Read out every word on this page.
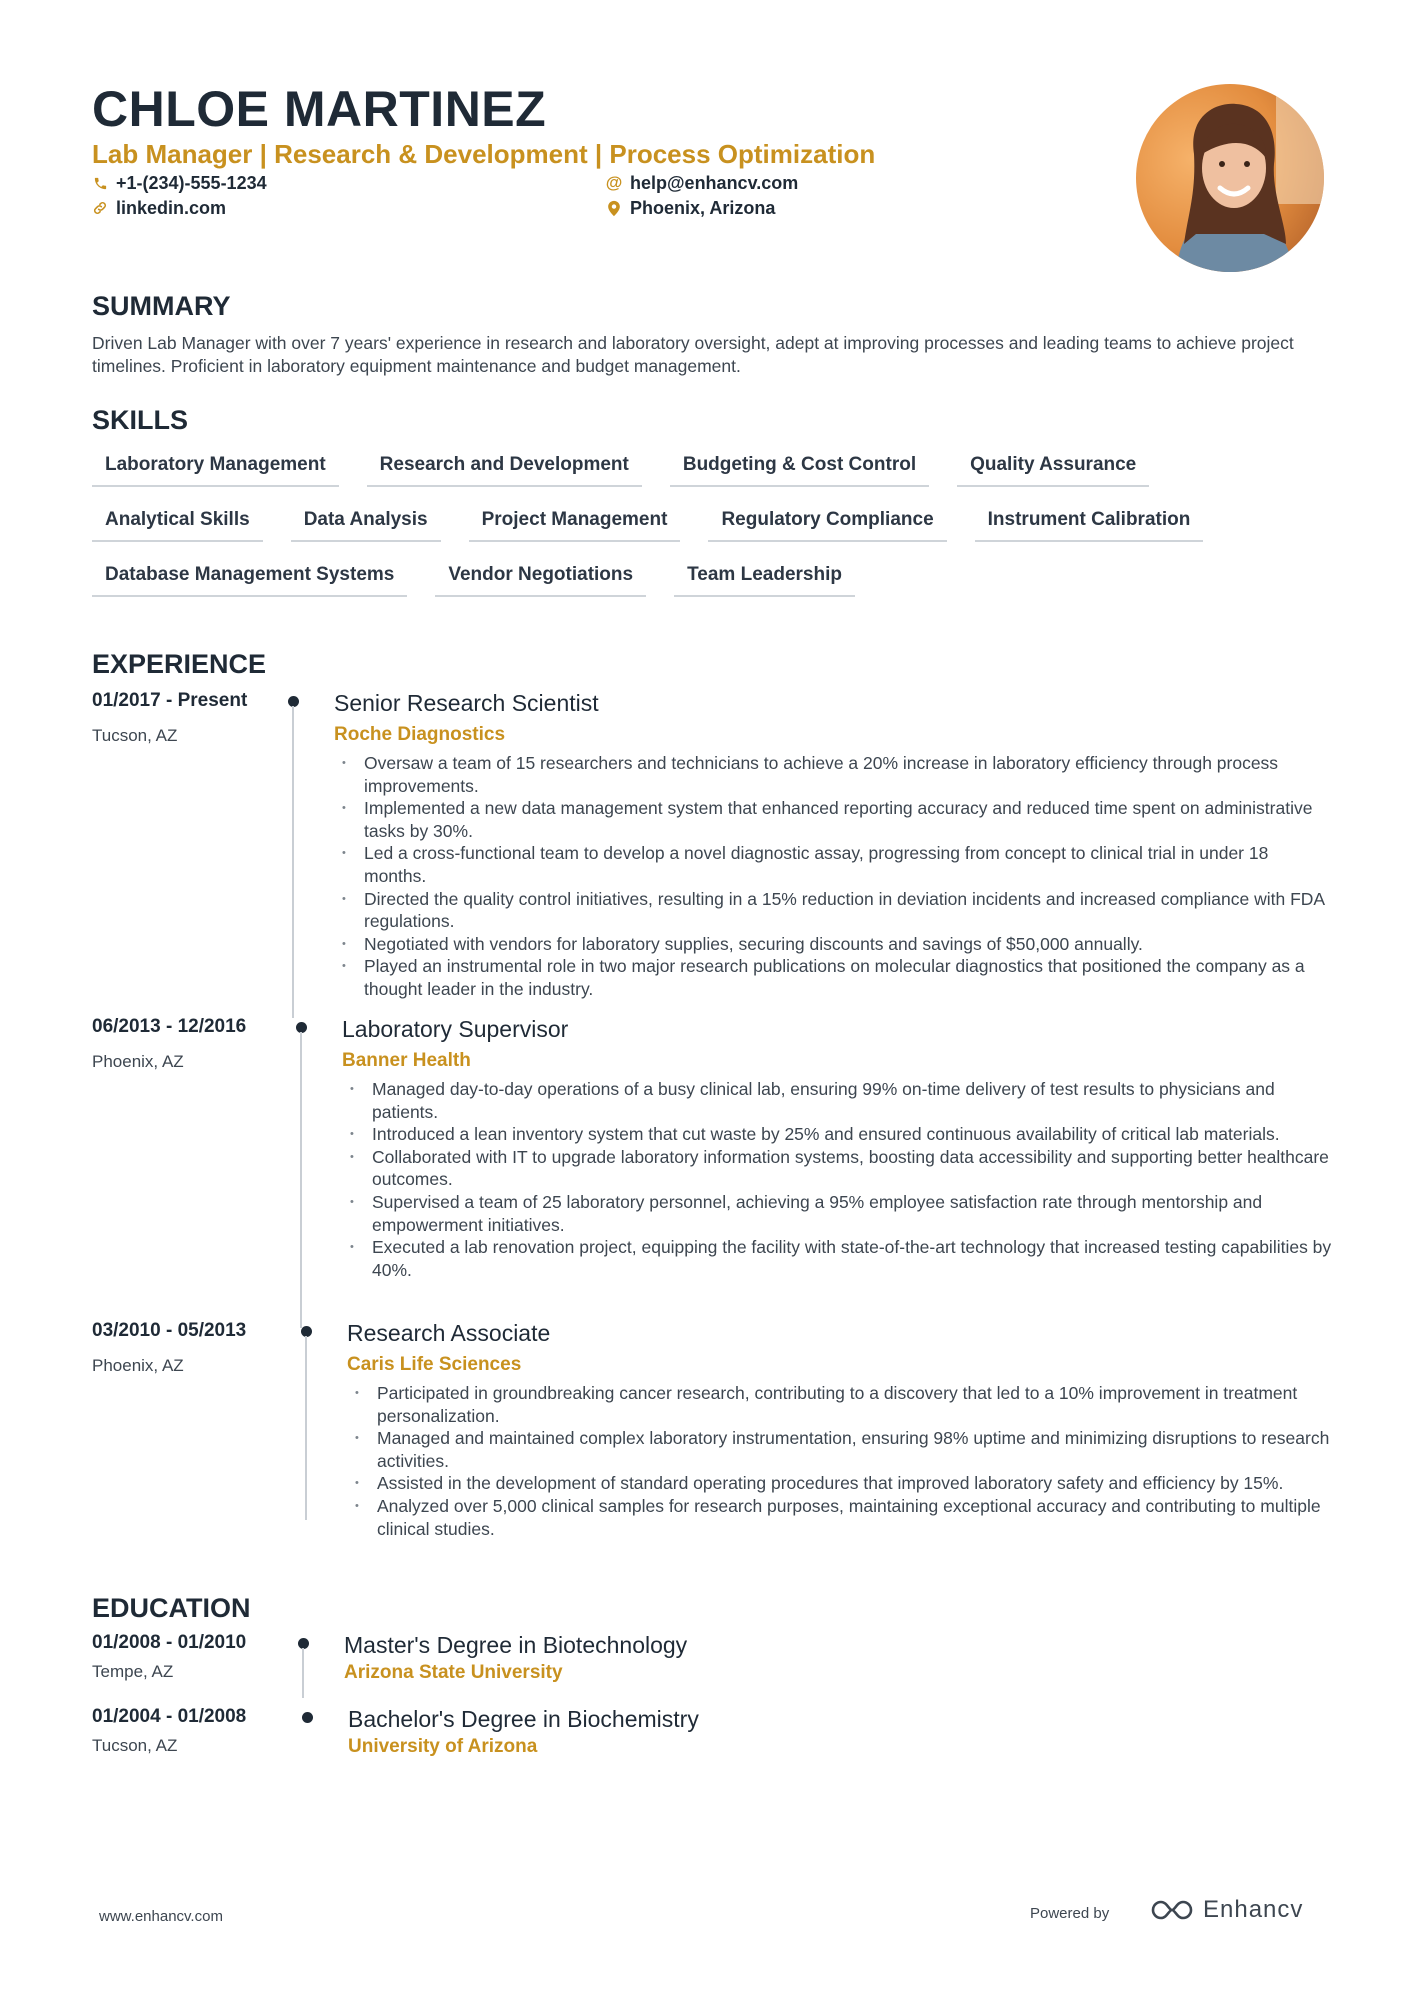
CHLOE MARTINEZ
Lab Manager | Research & Development | Process Optimization
+1-(234)-555-1234
linkedin.com
@ help@enhancv.com
Phoenix, Arizona
SUMMARY

Driven Lab Manager with over 7 years' experience in research and laboratory oversight, adept at improving processes and leading teams to achieve project timelines. Proficient in laboratory equipment maintenance and budget management.

SKILLS
Laboratory Management	Research and Development	Budgeting & Cost Control	Quality Assurance
Analytical Skills	Data Analysis	Project Management	Regulatory Compliance	Instrument Calibration
Database Management Systems	Vendor Negotiations	Team Leadership
EXPERIENCE
01/2017 - Present
Tucson, AZ
Senior Research Scientist
Roche Diagnostics
• Oversaw a team of 15 researchers and technicians to achieve a 20% increase in laboratory efficiency through process improvements.
• Implemented a new data management system that enhanced reporting accuracy and reduced time spent on administrative tasks by 30%.
• Led a cross-functional team to develop a novel diagnostic assay, progressing from concept to clinical trial in under 18 months.
• Directed the quality control initiatives, resulting in a 15% reduction in deviation incidents and increased compliance with FDA regulations.
• Negotiated with vendors for laboratory supplies, securing discounts and savings of $50,000 annually.
• Played an instrumental role in two major research publications on molecular diagnostics that positioned the company as a thought leader in the industry.
06/2013 - 12/2016
Phoenix, AZ
Laboratory Supervisor
Banner Health
• Managed day-to-day operations of a busy clinical lab, ensuring 99% on-time delivery of test results to physicians and patients.
• Introduced a lean inventory system that cut waste by 25% and ensured continuous availability of critical lab materials.
• Collaborated with IT to upgrade laboratory information systems, boosting data accessibility and supporting better healthcare outcomes.
• Supervised a team of 25 laboratory personnel, achieving a 95% employee satisfaction rate through mentorship and empowerment initiatives.
• Executed a lab renovation project, equipping the facility with state-of-the-art technology that increased testing capabilities by 40%.
03/2010 - 05/2013
Phoenix, AZ
Research Associate
Caris Life Sciences
• Participated in groundbreaking cancer research, contributing to a discovery that led to a 10% improvement in treatment personalization.
• Managed and maintained complex laboratory instrumentation, ensuring 98% uptime and minimizing disruptions to research activities.
• Assisted in the development of standard operating procedures that improved laboratory safety and efficiency by 15%.
• Analyzed over 5,000 clinical samples for research purposes, maintaining exceptional accuracy and contributing to multiple clinical studies.
EDUCATION
01/2008 - 01/2010
Tempe, AZ
Master's Degree in Biotechnology
Arizona State University
01/2004 - 01/2008
Tucson, AZ
Bachelor's Degree in Biochemistry
University of Arizona
www.enhancv.com	Powered by	Enhancv
